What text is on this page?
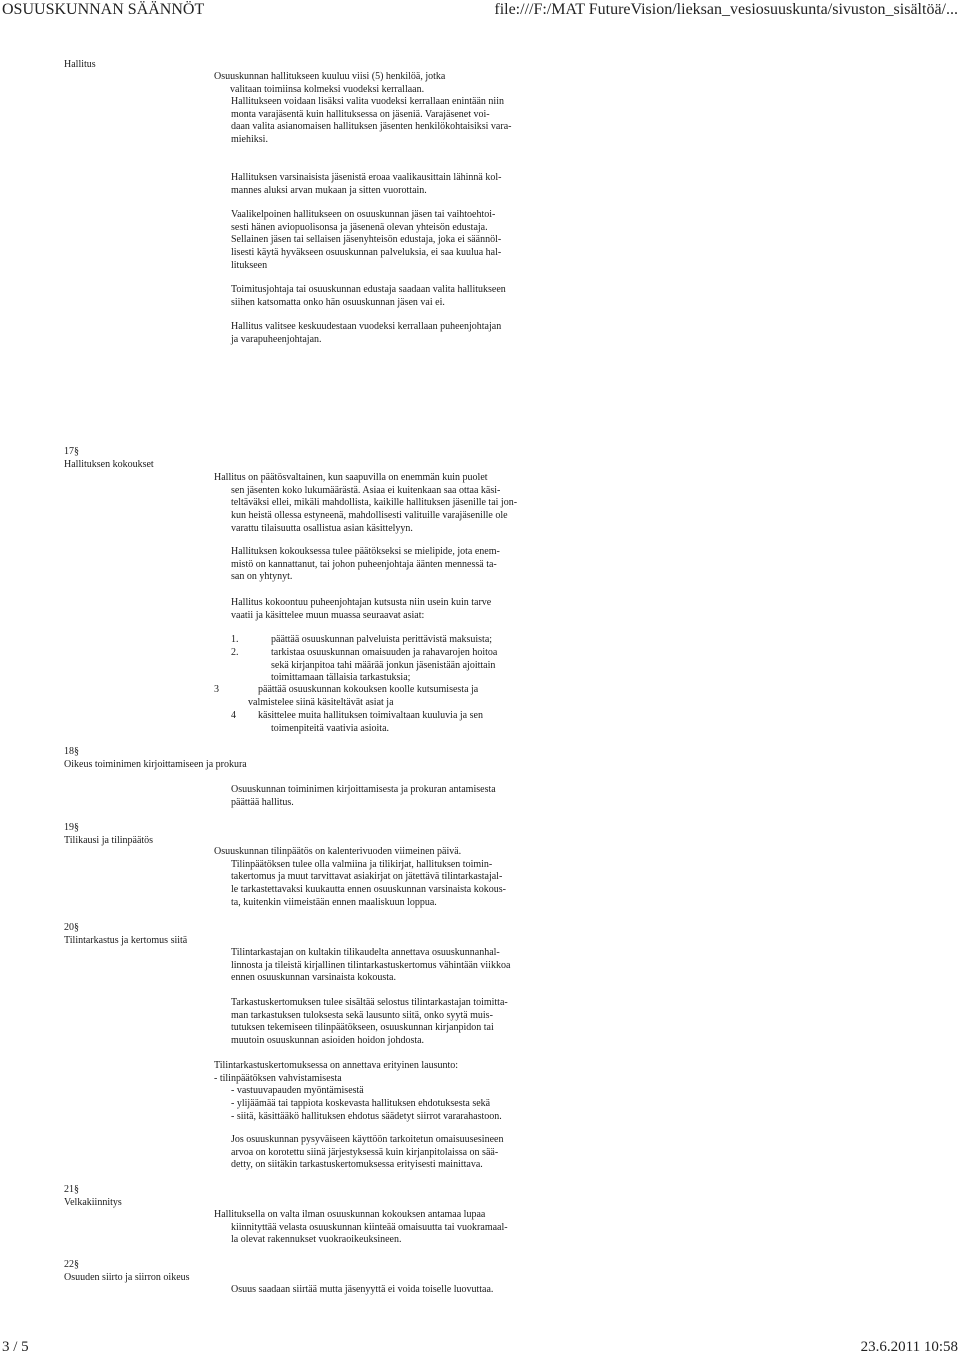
OSUUSKUNNAN SÄÄNNÖT	file:///F:/MAT FutureVision/lieksan_vesiosuuskunta/sivuston_sisältöä/...
3 / 5	23.6.2011 10:58
Hallitus
17§
Hallituksen kokoukset
18§
Oikeus toiminimen kirjoittamiseen ja prokura
19§
Tilikausi ja tilinpäätös
20§
Tilintarkastus ja kertomus siitä
21§
Velkakiinnitys
22§
Osuuden siirto ja siirron oikeus
Osuuskunnan hallitukseen kuuluu viisi (5) henkilöä, jotka
valitaan toimiinsa kolmeksi vuodeksi kerrallaan.
Hallitukseen voidaan lisäksi valita vuodeksi kerrallaan enintään niin
monta varajäsentä kuin hallituksessa on jäseniä. Varajäsenet voi-
daan valita asianomaisen hallituksen jäsenten henkilökohtaisiksi vara-
miehiksi.
Hallituksen varsinaisista jäsenistä eroaa vaalikausittain lähinnä kol-
mannes aluksi arvan mukaan ja sitten vuorottain.
Vaalikelpoinen hallitukseen on osuuskunnan jäsen tai vaihtoehtoi-
sesti hänen aviopuolisonsa ja jäsenenä olevan yhteisön edustaja.
Sellainen jäsen tai sellaisen jäsenyhteisön edustaja, joka ei säännöl-
lisesti käytä hyväkseen osuuskunnan palveluksia, ei saa kuulua hal-
litukseen
Toimitusjohtaja tai osuuskunnan edustaja saadaan valita hallitukseen
siihen katsomatta onko hän osuuskunnan jäsen vai ei.
Hallitus valitsee keskuudestaan vuodeksi kerrallaan puheenjohtajan
ja varapuheenjohtajan.
Hallitus on päätösvaltainen, kun saapuvilla on enemmän kuin puolet
sen jäsenten koko lukumäärästä. Asiaa ei kuitenkaan saa ottaa käsi-
teltäväksi ellei, mikäli mahdollista, kaikille hallituksen jäsenille tai jon-
kun heistä ollessa estyneenä, mahdollisesti valituille varajäsenille ole
varattu tilaisuutta osallistua asian käsittelyyn.
Hallituksen kokouksessa tulee päätökseksi se mielipide, jota enem-
mistö on kannattanut, tai johon puheenjohtaja äänten mennessä ta-
san on yhtynyt.
Hallitus kokoontuu puheenjohtajan kutsusta niin usein kuin tarve
vaatii ja käsittelee muun muassa seuraavat asiat:
1.	päättää osuuskunnan palveluista perittävistä maksuista;
2.	tarkistaa osuuskunnan omaisuuden ja rahavarojen hoitoa
sekä kirjanpitoa tahi määrää jonkun jäsenistään ajoittain
toimittamaan tällaisia tarkastuksia;
3	päättää osuuskunnan kokouksen koolle kutsumisesta ja
valmistelee siinä käsiteltävät asiat ja
4	käsittelee muita hallituksen toimivaltaan kuuluvia ja sen
toimenpiteitä vaativia asioita.
Osuuskunnan toiminimen kirjoittamisesta ja prokuran antamisesta
päättää hallitus.
Osuuskunnan tilinpäätös on kalenterivuoden viimeinen päivä.
Tilinpäätöksen tulee olla valmiina ja tilikirjat, hallituksen toimin-
takertomus ja muut tarvittavat asiakirjat on jätettävä tilintarkastajal-
le tarkastettavaksi kuukautta ennen osuuskunnan varsinaista kokous-
ta, kuitenkin viimeistään ennen maaliskuun loppua.
Tilintarkastajan on kultakin tilikaudelta annettava osuuskunnanhal-
linnosta ja tileistä kirjallinen tilintarkastuskertomus vähintään viikkoa
ennen osuuskunnan varsinaista kokousta.
Tarkastuskertomuksen tulee sisältää selostus tilintarkastajan toimitta-
man tarkastuksen tuloksesta sekä lausunto siitä, onko syytä muis-
tutuksen tekemiseen tilinpäätökseen, osuuskunnan kirjanpidon tai
muutoin osuuskunnan asioiden hoidon johdosta.
Tilintarkastuskertomuksessa on annettava erityinen lausunto:
- tilinpäätöksen vahvistamisesta
- vastuuvapauden myöntämisestä
- ylijäämää tai tappiota koskevasta hallituksen ehdotuksesta sekä
- siitä, käsittääkö hallituksen ehdotus säädetyt siirrot vararahastoon.
Jos osuuskunnan pysyväiseen käyttöön tarkoitetun omaisuusesineen
arvoa on korotettu siinä järjestyksessä kuin kirjanpitolaissa on sää-
detty, on siitäkin tarkastuskertomuksessa erityisesti mainittava.
Hallituksella on valta ilman osuuskunnan kokouksen antamaa lupaa
kiinnityttää velasta osuuskunnan kiinteää omaisuutta tai vuokramaal-
la olevat rakennukset vuokraoikeuksineen.
Osuus saadaan siirtää mutta jäsenyyttä ei voida toiselle luovuttaa.
